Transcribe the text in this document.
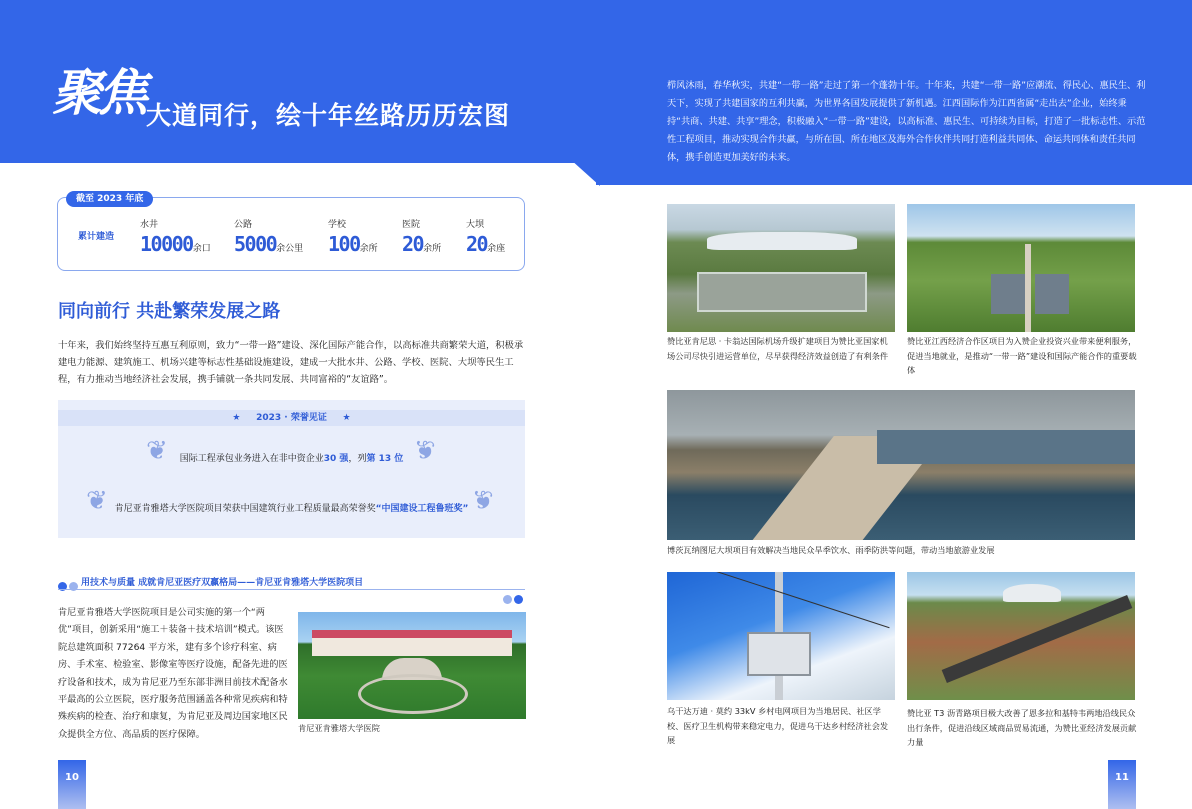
聚焦 大道同行，绘十年丝路历历宏图
栉风沐雨，春华秋实，共建“一带一路”走过了第一个蓬勃十年。十年来，共建“一带一路”应潮流、得民心、惠民生、利天下，实现了共建国家的互利共赢，为世界各国发展提供了新机遇。江西国际作为江西省属“走出去”企业，始终秉持“共商、共建、共享”理念，积极融入“一带一路”建设，以高标准、惠民生、可持续为目标，打造了一批标志性、示范性工程项目，推动实现合作共赢，与所在国、所在地区及海外合作伙伴共同打造利益共同体、命运共同体和责任共同体，携手创造更加美好的未来。
截至 2023 年底
累计建造
水井
10000余口
公路
5000余公里
学校
100余所
医院
20余所
大坝
20余座
同向前行 共赴繁荣发展之路
十年来，我们始终坚持互惠互利原则，致力“一带一路”建设、深化国际产能合作，以高标准共商繁荣大道，积极承建电力能源、建筑施工、机场兴建等标志性基础设施建设，建成一大批水井、公路、学校、医院、大坝等民生工程，有力推动当地经济社会发展，携手铺就一条共同发展、共同富裕的“友谊路”。
★     2023 · 荣誉见证     ★
国际工程承包业务进入在非中资企业30 强，列第 13 位
肯尼亚肯雅塔大学医院项目荣获中国建筑行业工程质量最高荣誉奖“中国建设工程鲁班奖”
❦	❦
❦	❦
用技术与质量 成就肯尼亚医疗双赢格局——肯尼亚肯雅塔大学医院项目
肯尼亚肯雅塔大学医院项目是公司实施的第一个“两优”项目，创新采用“施工＋装备＋技术培训”模式。该医院总建筑面积 77264 平方米，建有多个诊疗科室、病房、手术室、检验室、影像室等医疗设施，配备先进的医疗设备和技术，成为肯尼亚乃至东部非洲目前技术配备水平最高的公立医院，医疗服务范围涵盖各种常见疾病和特殊疾病的检查、治疗和康复，为肯尼亚及周边国家地区民众提供全方位、高品质的医疗保障。
肯尼亚肯雅塔大学医院
赞比亚肯尼思 · 卡翁达国际机场升级扩建项目为赞比亚国家机场公司尽快引进运营单位，尽早获得经济效益创造了有利条件
赞比亚江西经济合作区项目为入赞企业投资兴业带来便利服务，促进当地就业，是推动“一带一路”建设和国际产能合作的重要载体
博茨瓦纳图尼大坝项目有效解决当地民众旱季饮水、雨季防洪等问题，带动当地旅游业发展
乌干达万迪 · 莫约 33kV 乡村电网项目为当地居民、社区学校、医疗卫生机构带来稳定电力，促进乌干达乡村经济社会发展
赞比亚 T3 沥青路项目极大改善了恩多拉和基特韦两地沿线民众出行条件，促进沿线区域商品贸易流通，为赞比亚经济发展贡献力量
10	11
